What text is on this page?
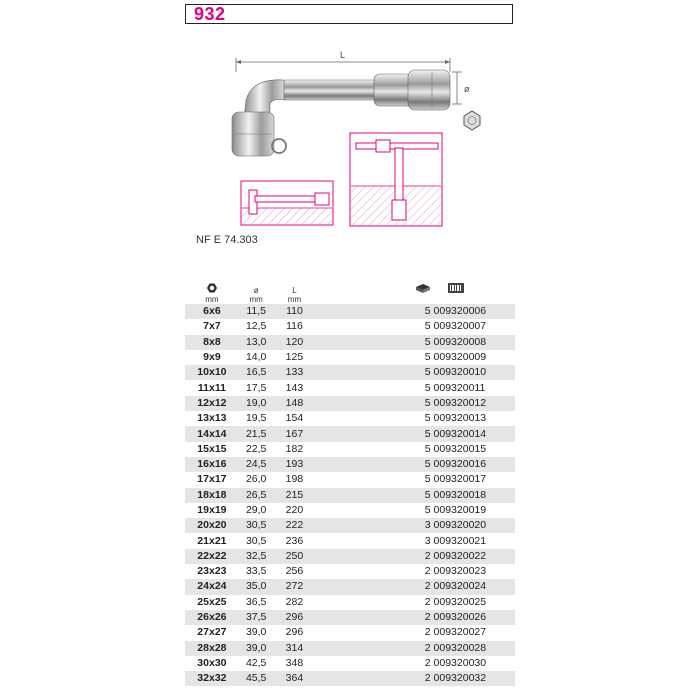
932
L
ø
NF E 74.303
	ø	L			
mm	mm	mm			
6x6	11,5	110		5	009320006
7x7	12,5	116		5	009320007
8x8	13,0	120		5	009320008
9x9	14,0	125		5	009320009
10x10	16,5	133		5	009320010
11x11	17,5	143		5	009320011
12x12	19,0	148		5	009320012
13x13	19,5	154		5	009320013
14x14	21,5	167		5	009320014
15x15	22,5	182		5	009320015
16x16	24,5	193		5	009320016
17x17	26,0	198		5	009320017
18x18	26,5	215		5	009320018
19x19	29,0	220		5	009320019
20x20	30,5	222		3	009320020
21x21	30,5	236		3	009320021
22x22	32,5	250		2	009320022
23x23	33,5	256		2	009320023
24x24	35,0	272		2	009320024
25x25	36,5	282		2	009320025
26x26	37,5	296		2	009320026
27x27	39,0	296		2	009320027
28x28	39,0	314		2	009320028
30x30	42,5	348		2	009320030
32x32	45,5	364		2	009320032
